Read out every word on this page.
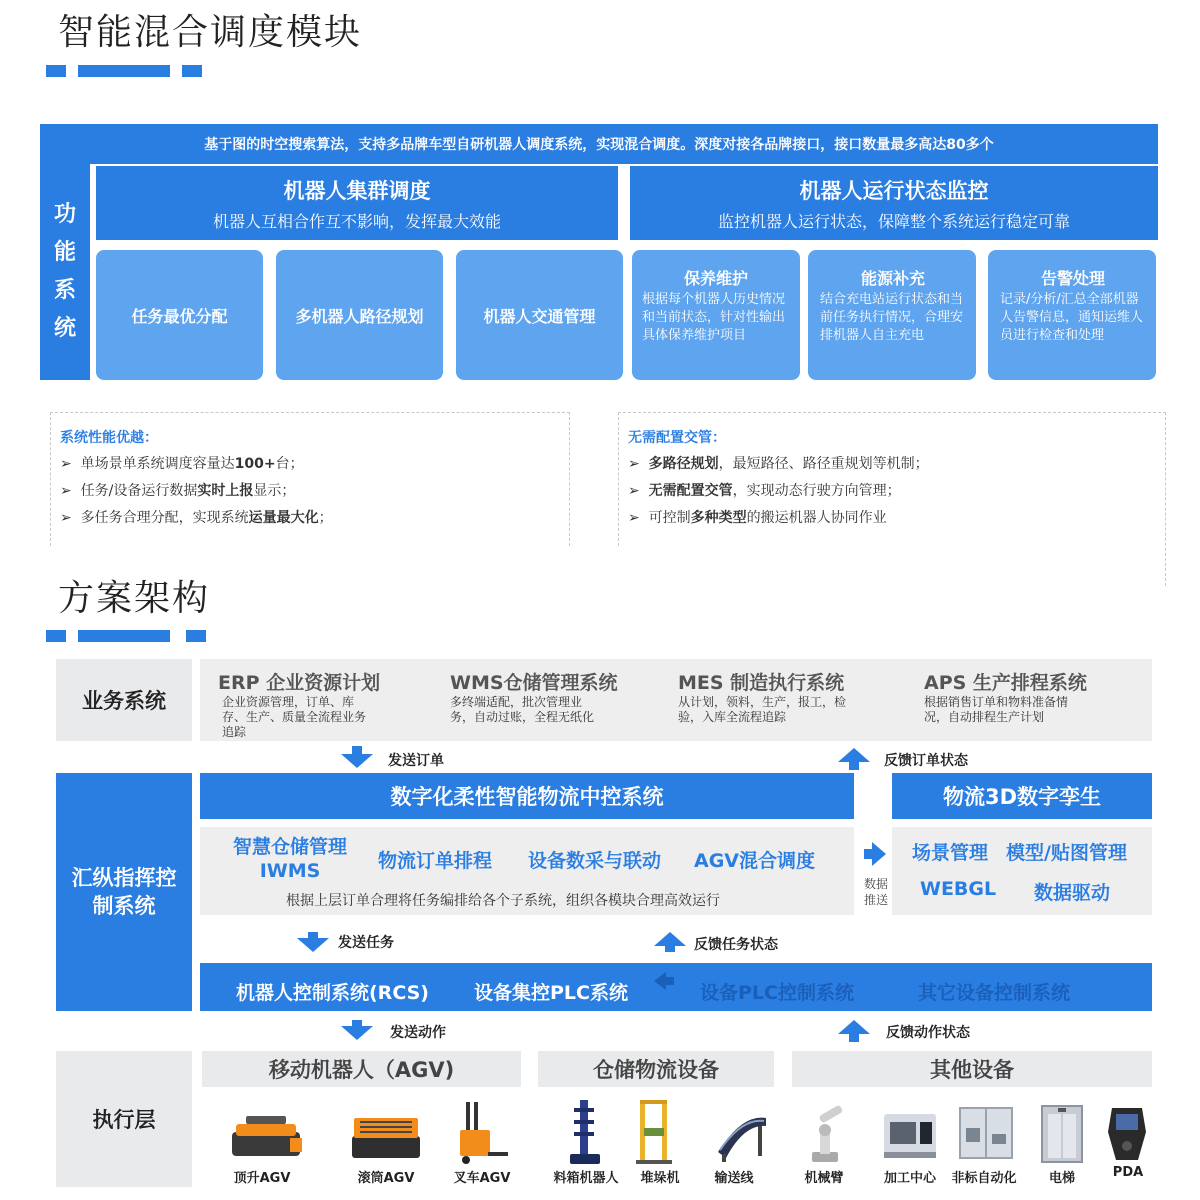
智能混合调度模块
基于图的时空搜索算法，支持多品牌车型自研机器人调度系统，实现混合调度。深度对接各品牌接口，接口数量最多高达80多个
功
能
系
统
机器人集群调度
机器人互相合作互不影响，发挥最大效能
机器人运行状态监控
监控机器人运行状态，保障整个系统运行稳定可靠
任务最优分配	多机器人路径规划	机器人交通管理
保养维护
根据每个机器人历史情况和当前状态，针对性输出具体保养维护项目
能源补充
结合充电站运行状态和当前任务执行情况，合理安排机器人自主充电
告警处理
记录/分析/汇总全部机器人告警信息，通知运维人员进行检查和处理
系统性能优越：
➢ 单场景单系统调度容量达100+台；
➢ 任务/设备运行数据实时上报显示；
➢ 多任务合理分配，实现系统运量最大化；
无需配置交管：
➢ 多路径规划，最短路径、路径重规划等机制；
➢ 无需配置交管，实现动态行驶方向管理；
➢ 可控制多种类型的搬运机器人协同作业
方案架构
业务系统
ERP 企业资源计划
企业资源管理，订单、库存、生产、质量全流程业务追踪
WMS仓储管理系统
多终端适配，批次管理业务，自动过账，全程无纸化
MES 制造执行系统
从计划，领料，生产，报工，检验，入库全流程追踪
APS 生产排程系统
根据销售订单和物料准备情况，自动排程生产计划
发送订单	反馈订单状态
汇纵指挥控制系统
数字化柔性智能物流中控系统
智慧仓储管理IWMS	物流订单排程 设备数采与联动 AGV混合调度
根据上层订单合理将任务编排给各个子系统，组织各模块合理高效运行
数据推送
物流3D数字孪生
场景管理 模型/贴图管理
WEBGL 数据驱动
发送任务	反馈任务状态
机器人控制系统(RCS) 设备集控PLC系统	设备PLC控制系统	其它设备控制系统
发送动作	反馈动作状态
执行层
移动机器人（AGV)	仓储物流设备	其他设备
顶升AGV	滚筒AGV	叉车AGV	料箱机器人	堆垛机	输送线	机械臂	加工中心	非标自动化	电梯	PDA
